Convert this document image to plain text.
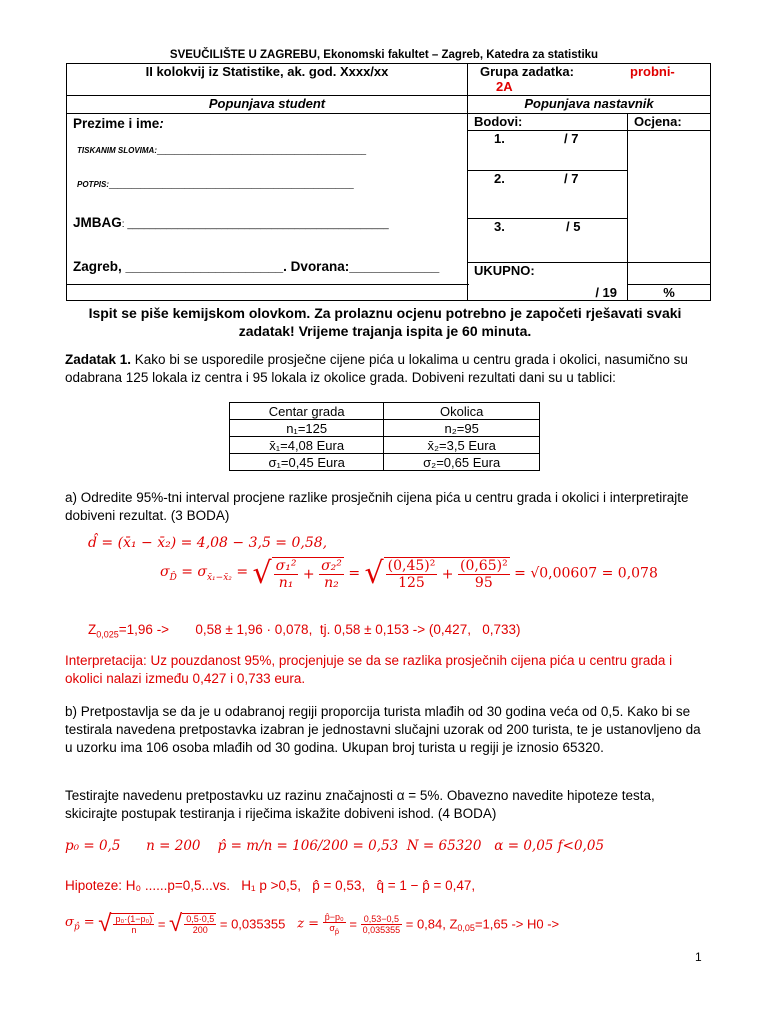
SVEUČILIŠTE U ZAGREBU, Ekonomski fakultet – Zagreb, Katedra za statistiku
II kolokvij iz Statistike, ak. god. Xxxx/xx	Grupa zadatka: probni-
2A	
Popunjava student	Popunjava nastavnik	

Prezime i ime:
TISKANIM SLOVIMA:_______________________________________________
POTPIS:_______________________________________________________
JMBAG: _______________________________________________
Zagreb, _____________________. Dvorana:____________	Bodovi:	Ocjena:
	1. / 7	
	2. / 7	
	3. / 5	
	UKUPNO:	
	/ 19	%
Ispit se piše kemijskom olovkom. Za prolaznu ocjenu potrebno je započeti rješavati svaki
zadatak! Vrijeme trajanja ispita je 60 minuta.
Zadatak 1. Kako bi se usporedile prosječne cijene pića u lokalima u centru grada i okolici, nasumično su odabrana 125 lokala iz centra i 95 lokala iz okolice grada. Dobiveni rezultati dani su u tablici:
Centar grada	Okolica
n₁=125	n₂=95
x̄₁=4,08 Eura	x̄₂=3,5 Eura
σ₁=0,45 Eura	σ₂=0,65 Eura
a) Odredite 95%-tni interval procjene razlike prosječnih cijena pića u centru grada i okolici i interpretirajte dobiveni rezultat. (3 BODA)
d̂ = (x̄₁ − x̄₂) = 4,08 − 3,5 = 0,58,
$\sigma_{D̂} = \sigma_{x̄_1-x̄_2}$ = √ $\frac{\text{σ₁²}}{\text{n₁}} + \frac{\text{σ₂²}}{\text{n₂}}$ = √ $\frac{\text{(0,45)²}}{125} + \frac{\text{(0,65)²}}{95} = √0,00607 = 0,078$
$Z_{0,025}=1,96$ ->       0,58 ± 1,96 · 0,078,  tj. 0,58 ± 0,153 -> (0,427,   0,733)
Interpretacija: Uz pouzdanost 95%, procjenjuje se da se razlika prosječnih cijena pića u centru grada i okolici nalazi između 0,427 i 0,733 eura.
b) Pretpostavlja se da je u odabranoj regiji proporcija turista mlađih od 30 godina veća od 0,5. Kako bi se testirala navedena pretpostavka izabran je jednostavni slučajni uzorak od 200 turista, te je ustanovljeno da u uzorku ima 106 osoba mlađih od 30 godina. Ukupan broj turista u regiji je iznosio 65320.
Testirajte navedenu pretpostavku uz razinu značajnosti α = 5%. Obavezno navedite hipoteze testa, skicirajte postupak testiranja i riječima iskažite dobiveni ishod. (4 BODA)
p₀ = 0,5      n = 200    p̂ = m/n = 106/200 = 0,53  N = 65320   α = 0,05 f<0,05
Hipoteze: H₀ ......p=0,5...vs.   H₁ p >0,5,   p̂ = 0,53,   q̂ = 1 − p̂ = 0,47,
$\sigma_{p̂}$ = √ $\frac{\text{p₀·(1−p₀)}}{n}$ = √ $\frac{0,5\cdot 0,5}{200} = 0,035355$   $z = \frac{\text{p̂−p₀}}{\sigma_{p̂}} = \frac{0,53-0,5}{0,035355} = 0,84$, $Z_{0,05}=1,65 -> H0$ ->
1
